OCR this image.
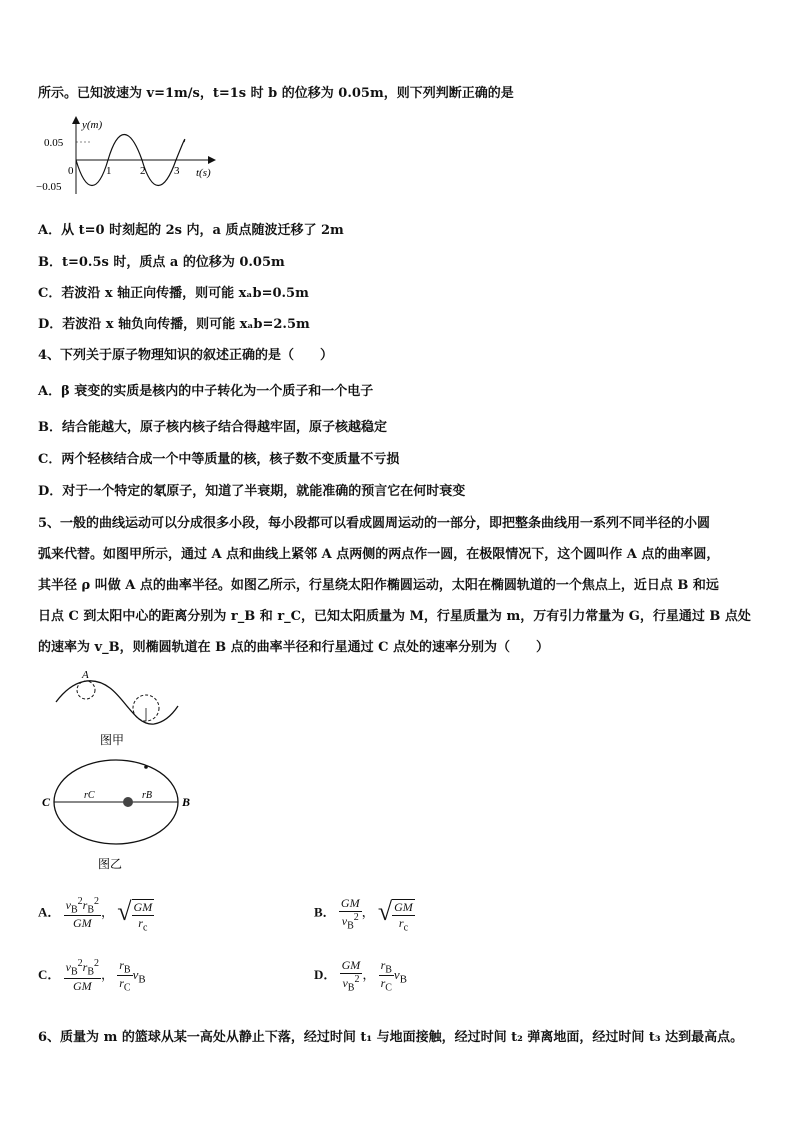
所示。已知波速为 v=1m/s，t=1s 时 b 的位移为 0.05m，则下列判断正确的是
y(m)
0.05
−0.05
0	1	2	3 t(s)
A．从 t=0 时刻起的 2s 内，a 质点随波迁移了 2m
B．t=0.5s 时，质点 a 的位移为 0.05m
C．若波沿 x 轴正向传播，则可能 xₐb=0.5m
D．若波沿 x 轴负向传播，则可能 xₐb=2.5m
4、下列关于原子物理知识的叙述正确的是（　　）
A．β 衰变的实质是核内的中子转化为一个质子和一个电子
B．结合能越大，原子核内核子结合得越牢固，原子核越稳定
C．两个轻核结合成一个中等质量的核，核子数不变质量不亏损
D．对于一个特定的氡原子，知道了半衰期，就能准确的预言它在何时衰变
5、一般的曲线运动可以分成很多小段，每小段都可以看成圆周运动的一部分，即把整条曲线用一系列不同半径的小圆
弧来代替。如图甲所示，通过 A 点和曲线上紧邻 A 点两侧的两点作一圆，在极限情况下，这个圆叫作 A 点的曲率圆，
其半径 ρ 叫做 A 点的曲率半径。如图乙所示，行星绕太阳作椭圆运动，太阳在椭圆轨道的一个焦点上，近日点 B 和远
日点 C 到太阳中心的距离分别为 r_B 和 r_C，已知太阳质量为 M，行星质量为 m，万有引力常量为 G，行星通过 B 点处
的速率为 v_B，则椭圆轨道在 B 点的曲率半径和行星通过 C 点处的速率分别为（　　）
A
图甲
C	B
rC	rB
图乙
A． $\frac{v_B^2r_B^2}{GM}$ ， √ $\frac{GM}{r_c}$	B． $\frac{GM}{v_B^2}$ ， √ $\frac{GM}{r_c}$
C． $\frac{v_B^2r_B^2}{GM}$ ， $\frac{r_B}{r_C} v_B$	D． $\frac{GM}{v_B^2}$ ， $\frac{r_B}{r_C} v_B$
6、质量为 m 的篮球从某一高处从静止下落，经过时间 t₁ 与地面接触，经过时间 t₂ 弹离地面，经过时间 t₃ 达到最高点。
